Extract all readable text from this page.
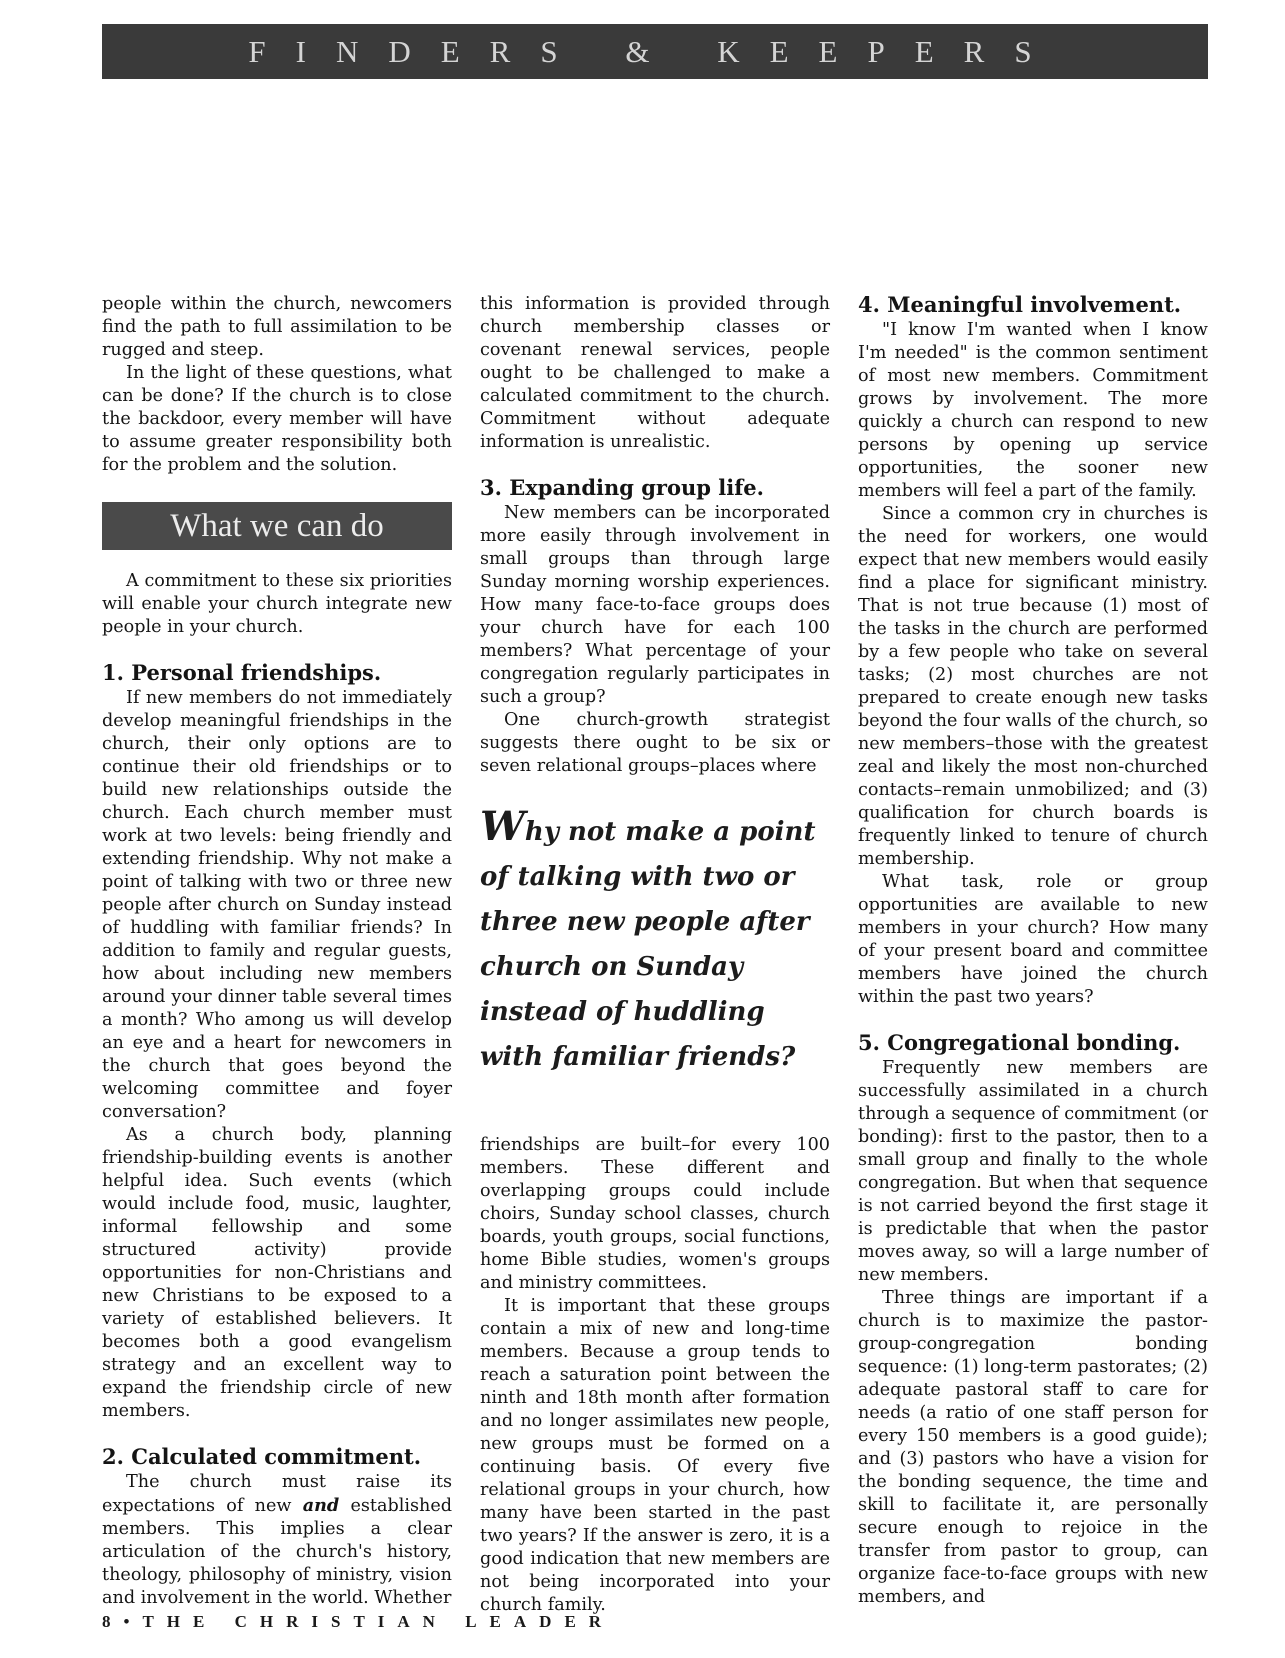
FINDERS & KEEPERS

people within the church, newcomers find the path to full assimilation to be rugged and steep.

In the light of these questions, what can be done? If the church is to close the backdoor, every member will have to assume greater responsibility both for the problem and the solution.

What we can do

A commitment to these six priorities will enable your church integrate new people in your church.

1. Personal friendships.

If new members do not immediately develop meaningful friendships in the church, their only options are to continue their old friendships or to build new relationships outside the church. Each church member must work at two levels: being friendly and extending friendship. Why not make a point of talking with two or three new people after church on Sunday instead of huddling with familiar friends? In addition to family and regular guests, how about including new members around your dinner table several times a month? Who among us will develop an eye and a heart for newcomers in the church that goes beyond the welcoming committee and foyer conversation?

As a church body, planning friendship-building events is another helpful idea. Such events (which would include food, music, laughter, informal fellowship and some structured activity) provide opportunities for non-Christians and new Christians to be exposed to a variety of established believers. It becomes both a good evangelism strategy and an excellent way to expand the friendship circle of new members.

2. Calculated commitment.

The church must raise its expectations of new and established members. This implies a clear articulation of the church's history, theology, philosophy of ministry, vision and involvement in the world. Whether

this information is provided through church membership classes or covenant renewal services, people ought to be challenged to make a calculated commitment to the church. Commitment without adequate information is unrealistic.

3. Expanding group life.

New members can be incorporated more easily through involvement in small groups than through large Sunday morning worship experiences. How many face-to-face groups does your church have for each 100 members? What percentage of your congregation regularly participates in such a group?

One church-growth strategist suggests there ought to be six or seven relational groups–places where

Why not make a point of talking with two or three new people after church on Sunday instead of huddling with familiar friends?

friendships are built–for every 100 members. These different and overlapping groups could include choirs, Sunday school classes, church boards, youth groups, social functions, home Bible studies, women's groups and ministry committees.

It is important that these groups contain a mix of new and long-time members. Because a group tends to reach a saturation point between the ninth and 18th month after formation and no longer assimilates new people, new groups must be formed on a continuing basis. Of every five relational groups in your church, how many have been started in the past two years? If the answer is zero, it is a good indication that new members are not being incorporated into your church family.

4. Meaningful involvement.

"I know I'm wanted when I know I'm needed" is the common sentiment of most new members. Commitment grows by involvement. The more quickly a church can respond to new persons by opening up service opportunities, the sooner new members will feel a part of the family.

Since a common cry in churches is the need for workers, one would expect that new members would easily find a place for significant ministry. That is not true because (1) most of the tasks in the church are performed by a few people who take on several tasks; (2) most churches are not prepared to create enough new tasks beyond the four walls of the church, so new members–those with the greatest zeal and likely the most non-churched contacts–remain unmobilized; and (3) qualification for church boards is frequently linked to tenure of church membership.

What task, role or group opportunities are available to new members in your church? How many of your present board and committee members have joined the church within the past two years?

5. Congregational bonding.

Frequently new members are successfully assimilated in a church through a sequence of commitment (or bonding): first to the pastor, then to a small group and finally to the whole congregation. But when that sequence is not carried beyond the first stage it is predictable that when the pastor moves away, so will a large number of new members.

Three things are important if a church is to maximize the pastor-group-congregation bonding sequence: (1) long-term pastorates; (2) adequate pastoral staff to care for needs (a ratio of one staff person for every 150 members is a good guide); and (3) pastors who have a vision for the bonding sequence, the time and skill to facilitate it, are personally secure enough to rejoice in the transfer from pastor to group, can organize face-to-face groups with new members, and

8•THE CHRISTIAN LEADER
